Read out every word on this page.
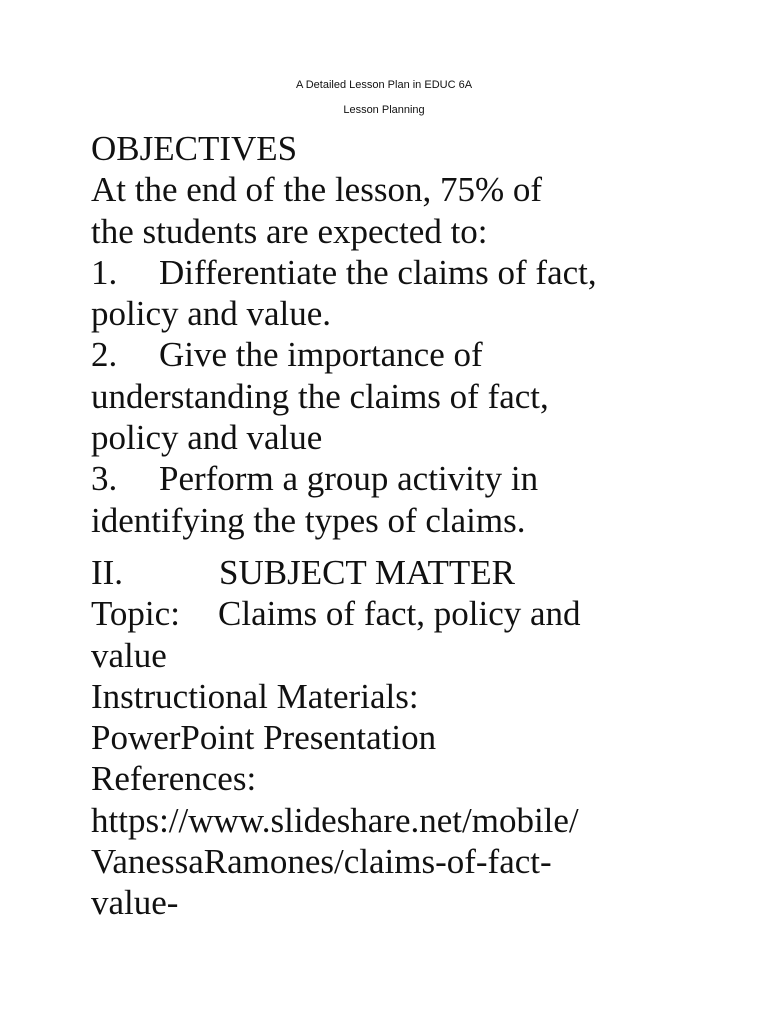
A Detailed Lesson Plan in EDUC 6A
Lesson Planning
OBJECTIVES
At the end of the lesson, 75% of
the students are expected to:
1. Differentiate the claims of fact,
policy and value.
2. Give the importance of
understanding the claims of fact,
policy and value
3. Perform a group activity in
identifying the types of claims.
II.	SUBJECT MATTER
Topic: Claims of fact, policy and
value
Instructional Materials:
PowerPoint Presentation
References:
https://www.slideshare.net/mobile/
VanessaRamones/claims-of-fact-
value-
